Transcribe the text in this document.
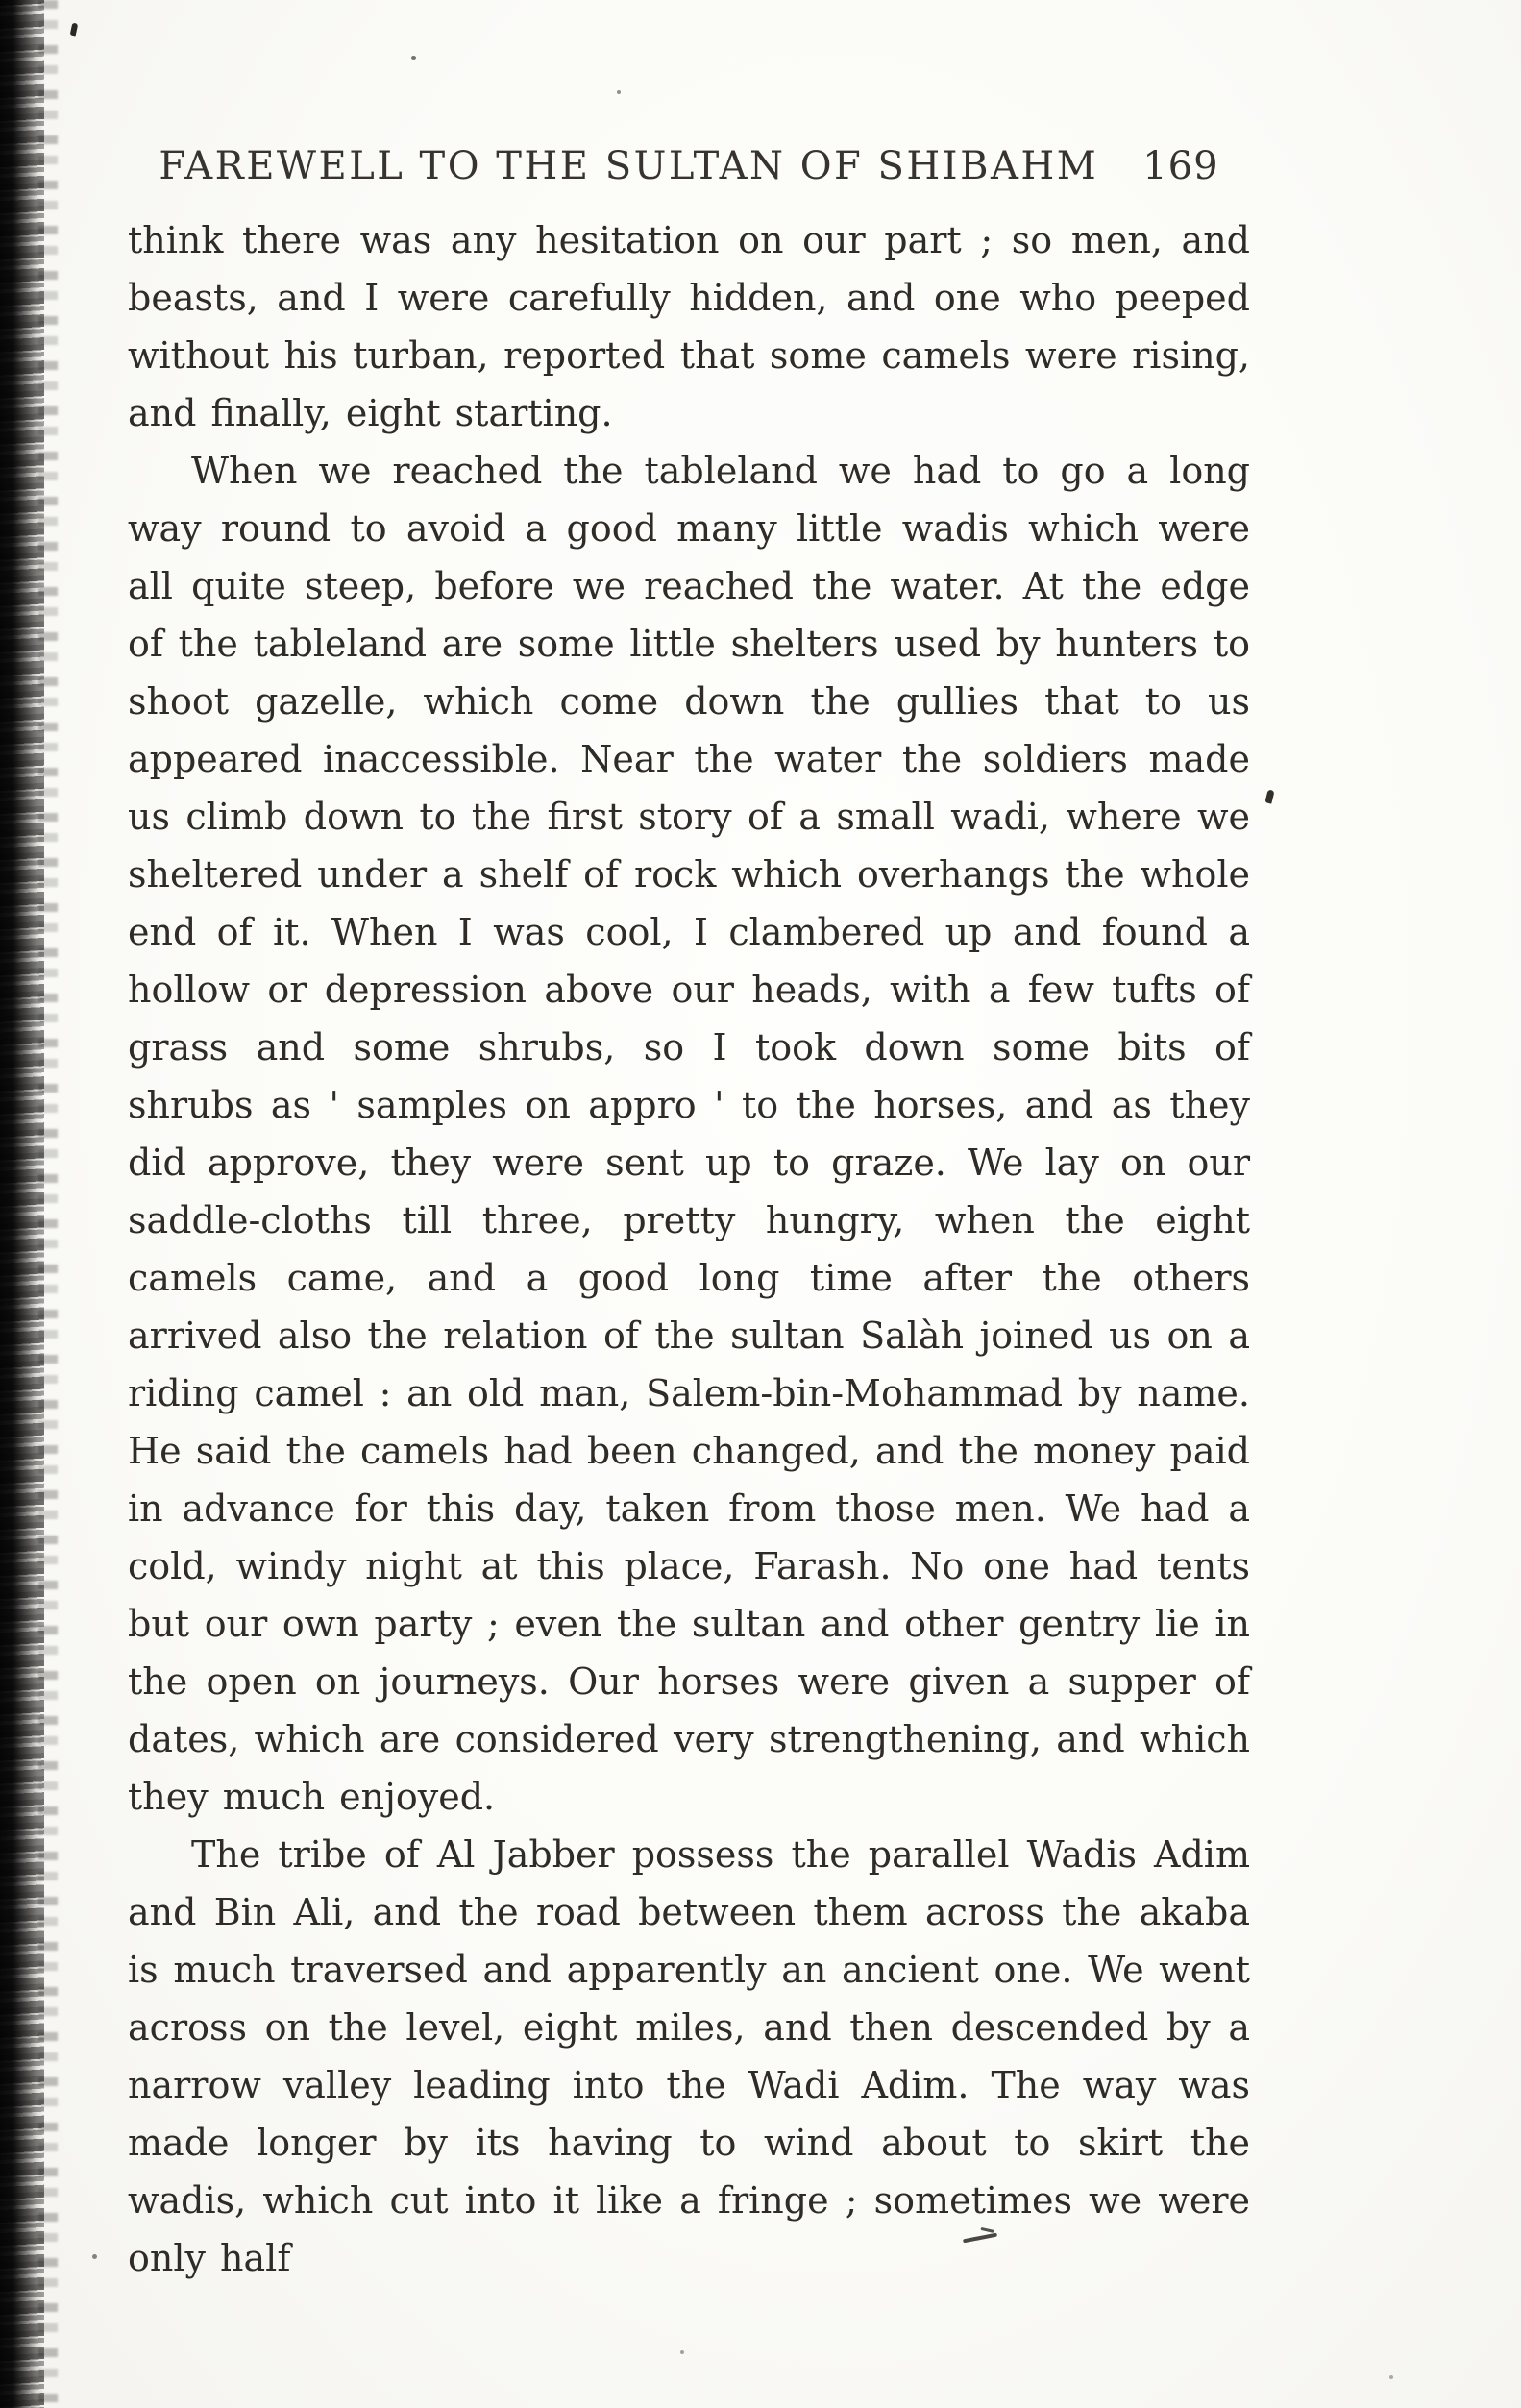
FAREWELL TO THE SULTAN OF SHIBAHM 169

think there was any hesitation on our part ; so men, and beasts, and I were carefully hidden, and one who peeped without his turban, reported that some camels were rising, and finally, eight starting.

When we reached the tableland we had to go a long way round to avoid a good many little wadis which were all quite steep, before we reached the water. At the edge of the tableland are some little shelters used by hunters to shoot gazelle, which come down the gullies that to us appeared inaccessible. Near the water the soldiers made us climb down to the first story of a small wadi, where we sheltered under a shelf of rock which overhangs the whole end of it. When I was cool, I clambered up and found a hollow or depression above our heads, with a few tufts of grass and some shrubs, so I took down some bits of shrubs as ' samples on appro ' to the horses, and as they did approve, they were sent up to graze. We lay on our saddle-cloths till three, pretty hungry, when the eight camels came, and a good long time after the others arrived also the relation of the sultan Salàh joined us on a riding camel : an old man, Salem-bin-Mohammad by name. He said the camels had been changed, and the money paid in advance for this day, taken from those men. We had a cold, windy night at this place, Farash. No one had tents but our own party ; even the sultan and other gentry lie in the open on journeys. Our horses were given a supper of dates, which are considered very strengthening, and which they much enjoyed.

The tribe of Al Jabber possess the parallel Wadis Adim and Bin Ali, and the road between them across the akaba is much traversed and apparently an ancient one. We went across on the level, eight miles, and then descended by a narrow valley leading into the Wadi Adim. The way was made longer by its having to wind about to skirt the wadis, which cut into it like a fringe ; sometimes we were only half
